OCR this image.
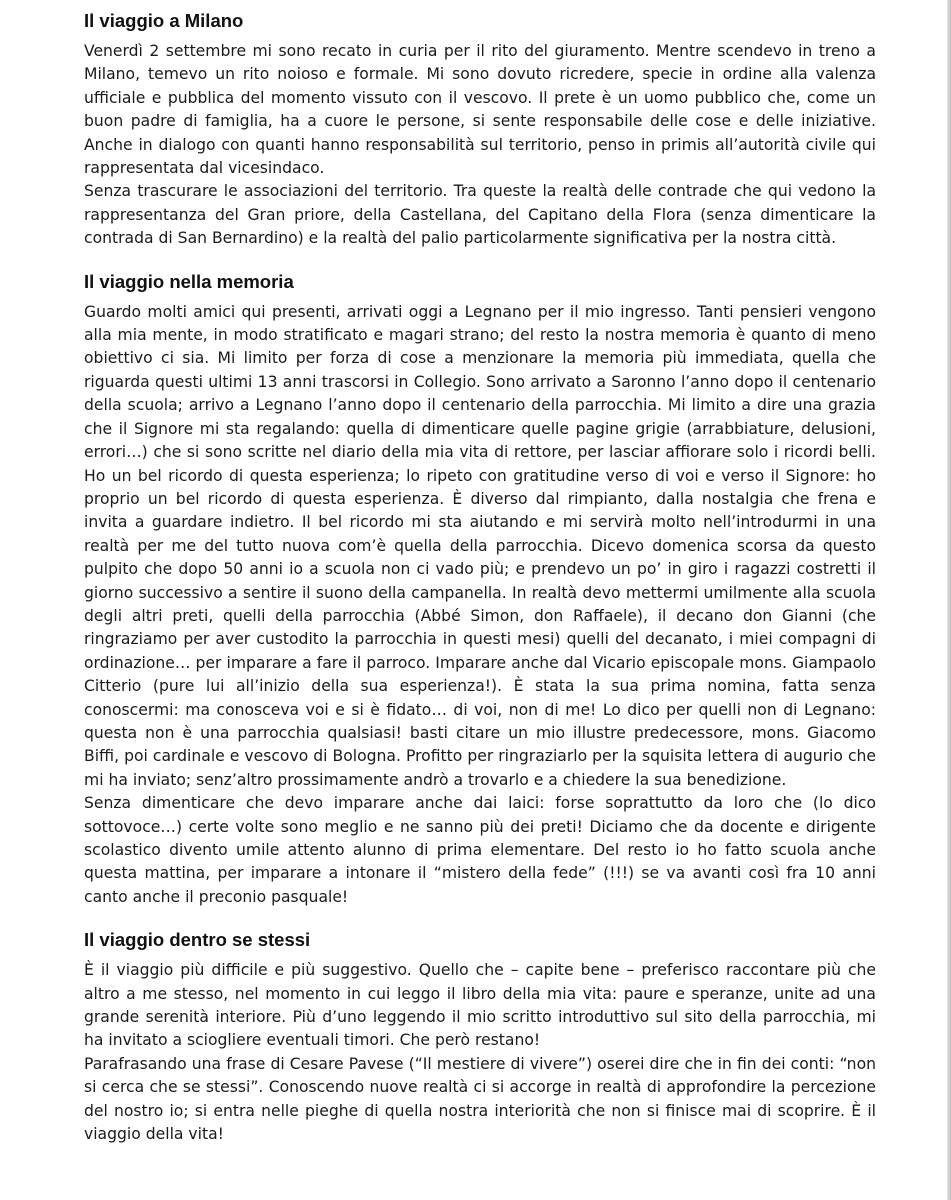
Il viaggio a Milano

Venerdì 2 settembre mi sono recato in curia per il rito del giuramento. Mentre scendevo in treno a Milano, temevo un rito noioso e formale. Mi sono dovuto ricredere, specie in ordine alla valenza ufficiale e pubblica del momento vissuto con il vescovo. Il prete è un uomo pubblico che, come un buon padre di famiglia, ha a cuore le persone, si sente responsabile delle cose e delle iniziative. Anche in dialogo con quanti hanno responsabilità sul territorio, penso in primis all’autorità civile qui rappresentata dal vicesindaco.

Senza trascurare le associazioni del territorio. Tra queste la realtà delle contrade che qui vedono la rappresentanza del Gran priore, della Castellana, del Capitano della Flora (senza dimenticare la contrada di San Bernardino) e la realtà del palio particolarmente significativa per la nostra città.

Il viaggio nella memoria

Guardo molti amici qui presenti, arrivati oggi a Legnano per il mio ingresso. Tanti pensieri vengono alla mia mente, in modo stratificato e magari strano; del resto la nostra memoria è quanto di meno obiettivo ci sia. Mi limito per forza di cose a menzionare la memoria più immediata, quella che riguarda questi ultimi 13 anni trascorsi in Collegio. Sono arrivato a Saronno l’anno dopo il centenario della scuola; arrivo a Legnano l’anno dopo il centenario della parrocchia. Mi limito a dire una grazia che il Signore mi sta regalando: quella di dimenticare quelle pagine grigie (arrabbiature, delusioni, errori…) che si sono scritte nel diario della mia vita di rettore, per lasciar affiorare solo i ricordi belli. Ho un bel ricordo di questa esperienza; lo ripeto con gratitudine verso di voi e verso il Signore: ho proprio un bel ricordo di questa esperienza. È diverso dal rimpianto, dalla nostalgia che frena e invita a guardare indietro. Il bel ricordo mi sta aiutando e mi servirà molto nell’introdurmi in una realtà per me del tutto nuova com’è quella della parrocchia. Dicevo domenica scorsa da questo pulpito che dopo 50 anni io a scuola non ci vado più; e prendevo un po’ in giro i ragazzi costretti il giorno successivo a sentire il suono della campanella. In realtà devo mettermi umilmente alla scuola degli altri preti, quelli della parrocchia (Abbé Simon, don Raffaele), il decano don Gianni (che ringraziamo per aver custodito la parrocchia in questi mesi) quelli del decanato, i miei compagni di ordinazione… per imparare a fare il parroco. Imparare anche dal Vicario episcopale mons. Giampaolo Citterio (pure lui all’inizio della sua esperienza!). È stata la sua prima nomina, fatta senza conoscermi: ma conosceva voi e si è fidato… di voi, non di me! Lo dico per quelli non di Legnano: questa non è una parrocchia qualsiasi! basti citare un mio illustre predecessore, mons. Giacomo Biffi, poi cardinale e vescovo di Bologna. Profitto per ringraziarlo per la squisita lettera di augurio che mi ha inviato; senz’altro prossimamente andrò a trovarlo e a chiedere la sua benedizione.

Senza dimenticare che devo imparare anche dai laici: forse soprattutto da loro che (lo dico sottovoce…) certe volte sono meglio e ne sanno più dei preti! Diciamo che da docente e dirigente scolastico divento umile attento alunno di prima elementare. Del resto io ho fatto scuola anche questa mattina, per imparare a intonare il “mistero della fede” (!!!) se va avanti così fra 10 anni canto anche il preconio pasquale!

Il viaggio dentro se stessi

È il viaggio più difficile e più suggestivo. Quello che – capite bene – preferisco raccontare più che altro a me stesso, nel momento in cui leggo il libro della mia vita: paure e speranze, unite ad una grande serenità interiore. Più d’uno leggendo il mio scritto introduttivo sul sito della parrocchia, mi ha invitato a sciogliere eventuali timori. Che però restano!

Parafrasando una frase di Cesare Pavese (“Il mestiere di vivere”) oserei dire che in fin dei conti: “non si cerca che se stessi”. Conoscendo nuove realtà ci si accorge in realtà di approfondire la percezione del nostro io; si entra nelle pieghe di quella nostra interiorità che non si finisce mai di scoprire. È il viaggio della vita!
